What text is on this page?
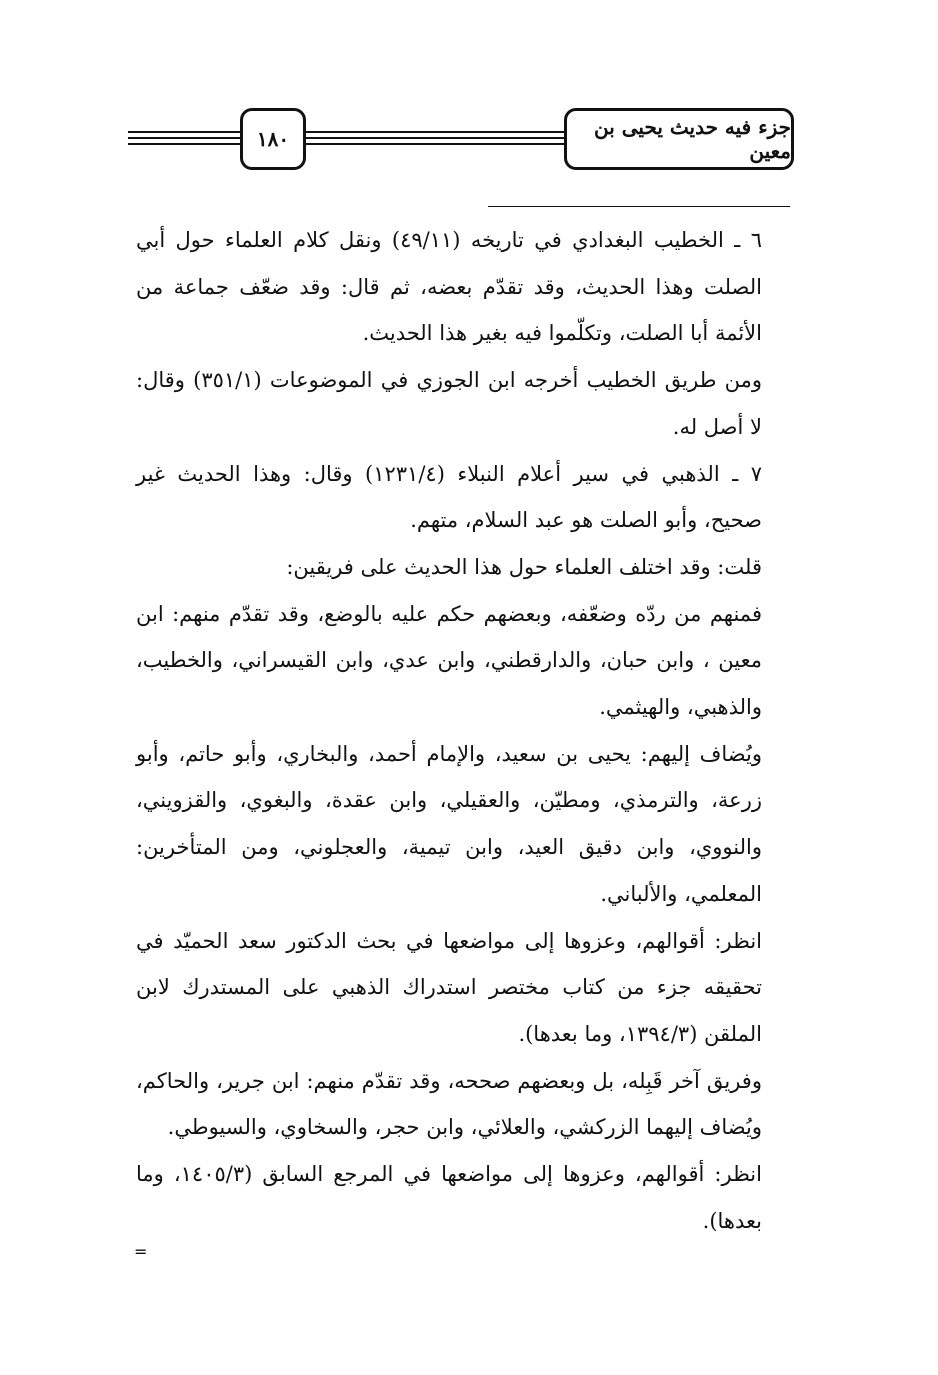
١٨٠	جزء فيه حديث يحيى بن معين

٦ ـ الخطيب البغدادي في تاريخه (٤٩/١١) ونقل كلام العلماء حول أبي الصلت وهذا الحديث، وقد تقدّم بعضه، ثم قال: وقد ضعّف جماعة من الأئمة أبا الصلت، وتكلّموا فيه بغير هذا الحديث.

ومن طريق الخطيب أخرجه ابن الجوزي في الموضوعات (٣٥١/١) وقال: لا أصل له.

٧ ـ الذهبي في سير أعلام النبلاء (١٢٣١/٤) وقال: وهذا الحديث غير صحيح، وأبو الصلت هو عبد السلام، متهم.

قلت: وقد اختلف العلماء حول هذا الحديث على فريقين:

فمنهم من ردّه وضعّفه، وبعضهم حكم عليه بالوضع، وقد تقدّم منهم: ابن معين ، وابن حبان، والدارقطني، وابن عدي، وابن القيسراني، والخطيب، والذهبي، والهيثمي.

ويُضاف إليهم: يحيى بن سعيد، والإمام أحمد، والبخاري، وأبو حاتم، وأبو زرعة، والترمذي، ومطيّن، والعقيلي، وابن عقدة، والبغوي، والقزويني، والنووي، وابن دقيق العيد، وابن تيمية، والعجلوني، ومن المتأخرين: المعلمي، والألباني.

انظر: أقوالهم، وعزوها إلى مواضعها في بحث الدكتور سعد الحميّد في تحقيقه جزء من كتاب مختصر استدراك الذهبي على المستدرك لابن الملقن (١٣٩٤/٣، وما بعدها).

وفريق آخر قَبِله، بل وبعضهم صححه، وقد تقدّم منهم: ابن جرير، والحاكم، ويُضاف إليهما الزركشي، والعلائي، وابن حجر، والسخاوي، والسيوطي.

انظر: أقوالهم، وعزوها إلى مواضعها في المرجع السابق (١٤٠٥/٣، وما بعدها).

=
